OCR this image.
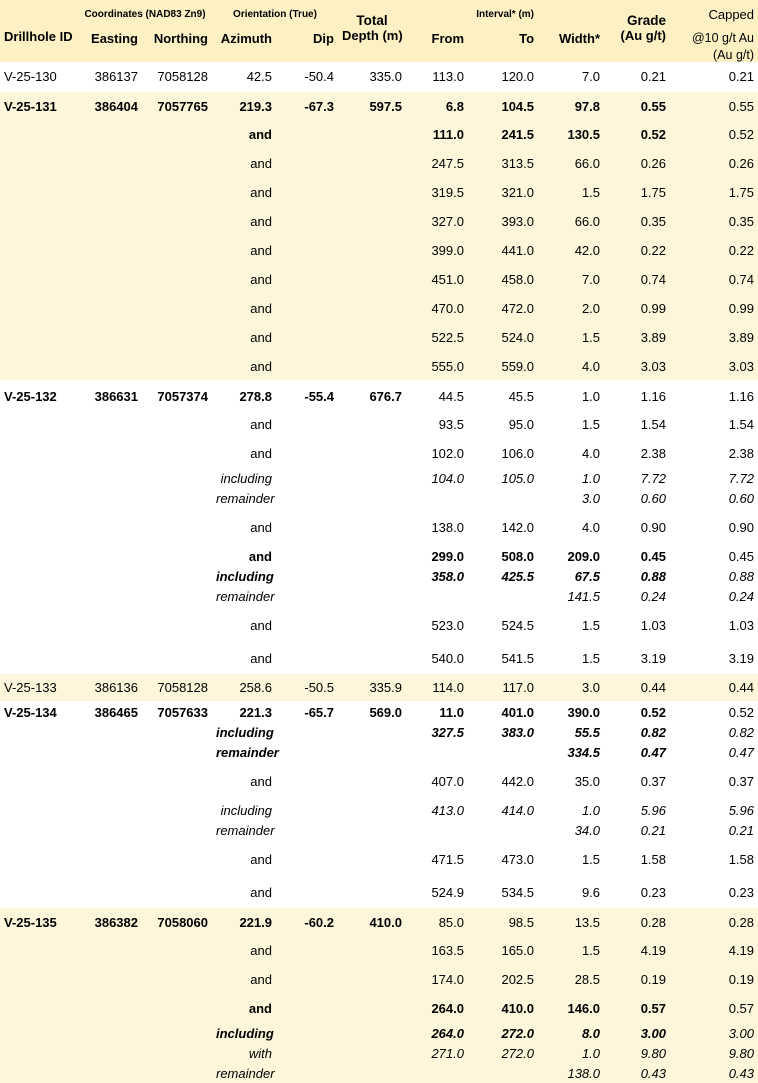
Drillhole ID	Coordinates (NAD83 Zn9)		Orientation (True)		Total	Interval* (m)			Grade	Capped
	Easting	Northing	Azimuth	Dip	Depth (m)	From	To	Width*	(Au g/t)	@10 g/t Au
										(Au g/t)
V-25-130	386137	7058128	42.5	-50.4	335.0	113.0	120.0	7.0	0.21	0.21
V-25-131	386404	7057765	219.3	-67.3	597.5	6.8	104.5	97.8	0.55	0.55
			and			111.0	241.5	130.5	0.52	0.52
			and			247.5	313.5	66.0	0.26	0.26
			and			319.5	321.0	1.5	1.75	1.75
			and			327.0	393.0	66.0	0.35	0.35
			and			399.0	441.0	42.0	0.22	0.22
			and			451.0	458.0	7.0	0.74	0.74
			and			470.0	472.0	2.0	0.99	0.99
			and			522.5	524.0	1.5	3.89	3.89
			and			555.0	559.0	4.0	3.03	3.03
V-25-132	386631	7057374	278.8	-55.4	676.7	44.5	45.5	1.0	1.16	1.16
			and			93.5	95.0	1.5	1.54	1.54
			and			102.0	106.0	4.0	2.38	2.38
			including			104.0	105.0	1.0	7.72	7.72
			remainder					3.0	0.60	0.60
			and			138.0	142.0	4.0	0.90	0.90
			and			299.0	508.0	209.0	0.45	0.45
			including			358.0	425.5	67.5	0.88	0.88
			remainder					141.5	0.24	0.24
			and			523.0	524.5	1.5	1.03	1.03
			and			540.0	541.5	1.5	3.19	3.19
V-25-133	386136	7058128	258.6	-50.5	335.9	114.0	117.0	3.0	0.44	0.44
V-25-134	386465	7057633	221.3	-65.7	569.0	11.0	401.0	390.0	0.52	0.52
			including			327.5	383.0	55.5	0.82	0.82
			remainder					334.5	0.47	0.47
			and			407.0	442.0	35.0	0.37	0.37
			including			413.0	414.0	1.0	5.96	5.96
			remainder					34.0	0.21	0.21
			and			471.5	473.0	1.5	1.58	1.58
			and			524.9	534.5	9.6	0.23	0.23
V-25-135	386382	7058060	221.9	-60.2	410.0	85.0	98.5	13.5	0.28	0.28
			and			163.5	165.0	1.5	4.19	4.19
			and			174.0	202.5	28.5	0.19	0.19
			and			264.0	410.0	146.0	0.57	0.57
			including			264.0	272.0	8.0	3.00	3.00
			with			271.0	272.0	1.0	9.80	9.80
			remainder					138.0	0.43	0.43
